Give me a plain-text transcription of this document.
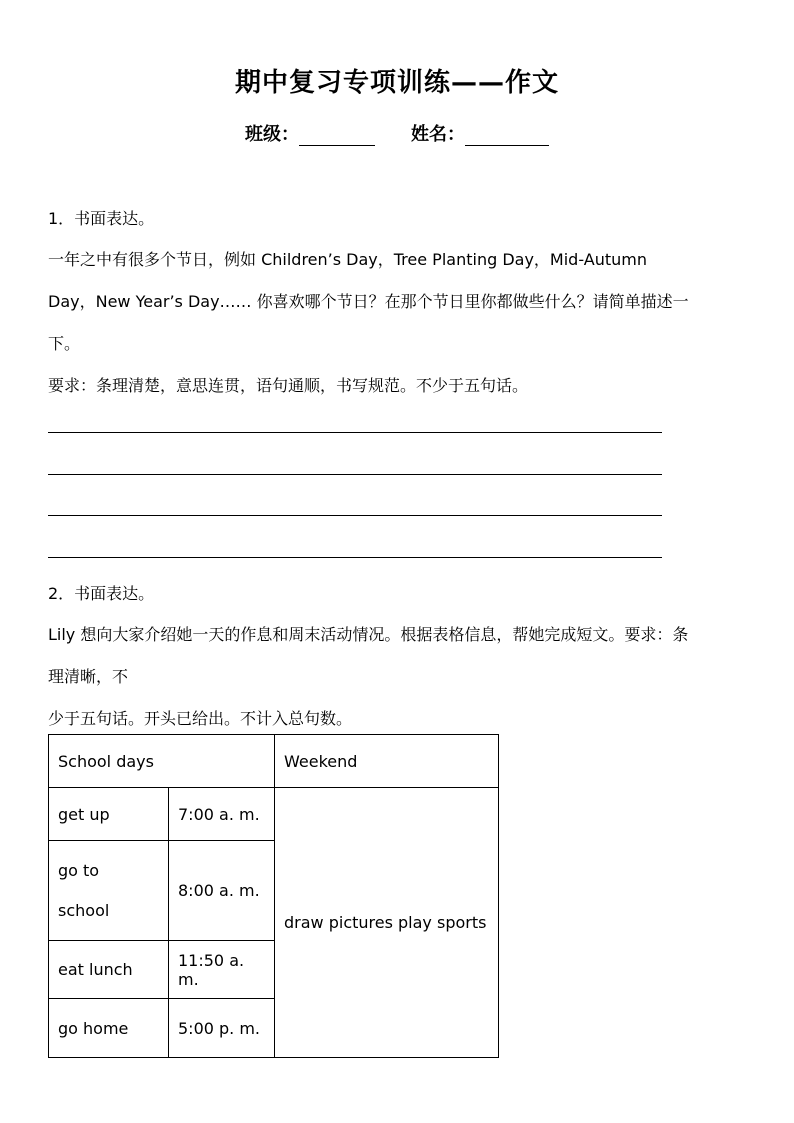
期中复习专项训练——作文
班级：	姓名：
1．书面表达。
一年之中有很多个节日，例如 Children’s Day，Tree Planting Day，Mid-Autumn
Day，New Year’s Day…… 你喜欢哪个节日？在那个节日里你都做些什么？请简单描述一
下。
要求：条理清楚，意思连贯，语句通顺，书写规范。不少于五句话。
2．书面表达。
Lily 想向大家介绍她一天的作息和周末活动情况。根据表格信息，帮她完成短文。要求：条
理清晰，不
少于五句话。开头已给出。不计入总句数。
School days		Weekend
get up	7:00 a. m.	draw pictures play sports
go to
school	8:00 a. m.	
eat lunch	11:50 a. m.	
go home	5:00 p. m.	
